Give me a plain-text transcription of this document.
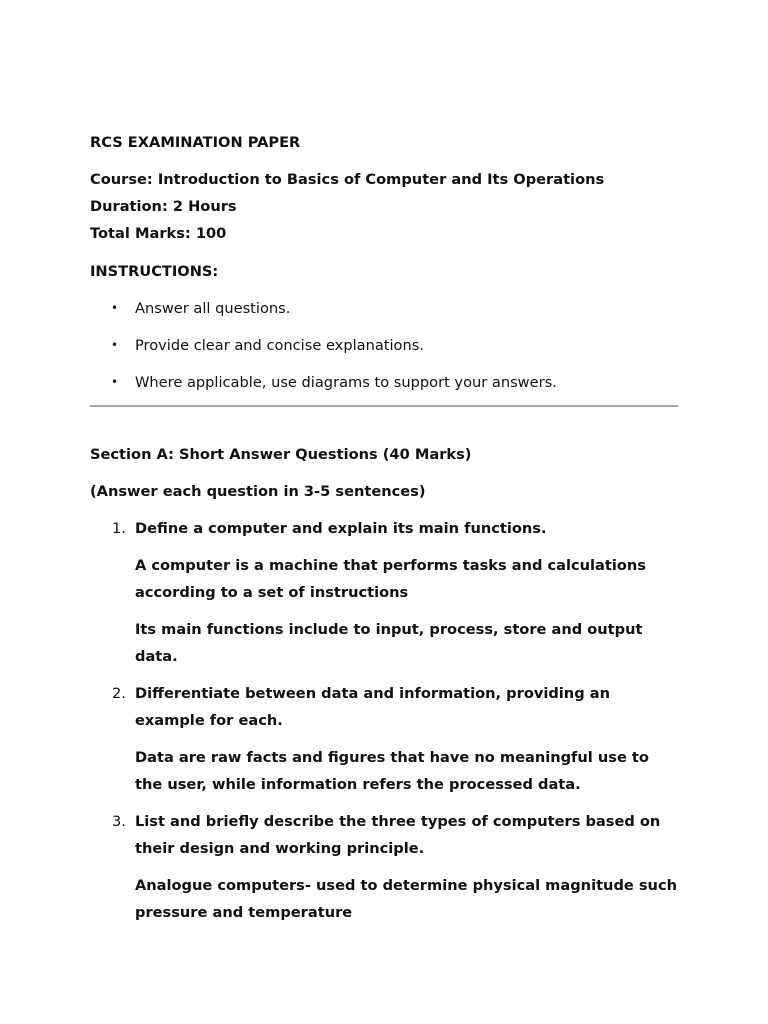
RCS EXAMINATION PAPER

Course: Introduction to Basics of Computer and Its Operations

Duration: 2 Hours

Total Marks: 100

INSTRUCTIONS:

• Answer all questions.
• Provide clear and concise explanations.
• Where applicable, use diagrams to support your answers.

Section A: Short Answer Questions (40 Marks)

(Answer each question in 3-5 sentences)

1. Define a computer and explain its main functions.

A computer is a machine that performs tasks and calculations according to a set of instructions

Its main functions include to input, process, store and output data.

2. Differentiate between data and information, providing an example for each.

Data are raw facts and figures that have no meaningful use to the user, while information refers the processed data.

3. List and briefly describe the three types of computers based on their design and working principle.

Analogue computers- used to determine physical magnitude such pressure and temperature
